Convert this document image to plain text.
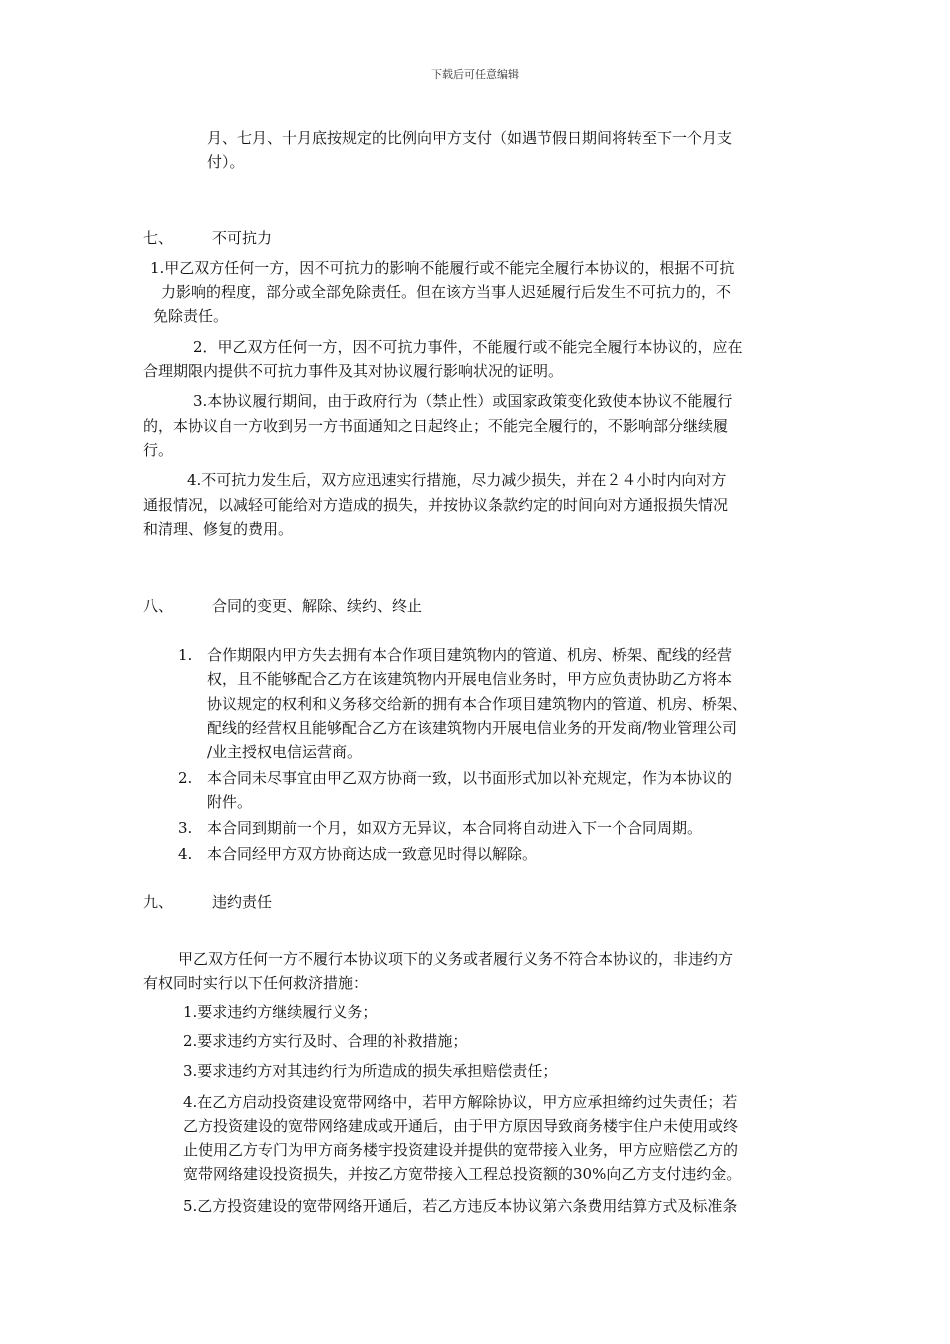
下载后可任意编辑
月、七月、十月底按规定的比例向甲方支付（如遇节假日期间将转至下一个月支
付）。
七、	不可抗力
1.甲乙双方任何一方，因不可抗力的影响不能履行或不能完全履行本协议的，根据不可抗
力影响的程度，部分或全部免除责任。但在该方当事人迟延履行后发生不可抗力的，不
免除责任。
2．甲乙双方任何一方，因不可抗力事件，不能履行或不能完全履行本协议的，应在
合理期限内提供不可抗力事件及其对协议履行影响状况的证明。
3.本协议履行期间，由于政府行为（禁止性）或国家政策变化致使本协议不能履行
的，本协议自一方收到另一方书面通知之日起终止；不能完全履行的，不影响部分继续履
行。
4.不可抗力发生后，双方应迅速实行措施，尽力减少损失，并在２４小时内向对方
通报情况，以减轻可能给对方造成的损失，并按协议条款约定的时间向对方通报损失情况
和清理、修复的费用。
八、	合同的变更、解除、续约、终止
1. 合作期限内甲方失去拥有本合作项目建筑物内的管道、机房、桥架、配线的经营
权，且不能够配合乙方在该建筑物内开展电信业务时，甲方应负责协助乙方将本
协议规定的权利和义务移交给新的拥有本合作项目建筑物内的管道、机房、桥架、
配线的经营权且能够配合乙方在该建筑物内开展电信业务的开发商/物业管理公司
/业主授权电信运营商。
2. 本合同未尽事宜由甲乙双方协商一致，以书面形式加以补充规定，作为本协议的
附件。
3. 本合同到期前一个月，如双方无异议，本合同将自动进入下一个合同周期。
4. 本合同经甲方双方协商达成一致意见时得以解除。
九、	违约责任
甲乙双方任何一方不履行本协议项下的义务或者履行义务不符合本协议的，非违约方
有权同时实行以下任何救济措施：
1.要求违约方继续履行义务；
2.要求违约方实行及时、合理的补救措施；
3.要求违约方对其违约行为所造成的损失承担赔偿责任；
4.在乙方启动投资建设宽带网络中，若甲方解除协议，甲方应承担缔约过失责任；若
乙方投资建设的宽带网络建成或开通后，由于甲方原因导致商务楼宇住户未使用或终
止使用乙方专门为甲方商务楼宇投资建设并提供的宽带接入业务，甲方应赔偿乙方的
宽带网络建设投资损失，并按乙方宽带接入工程总投资额的30%向乙方支付违约金。
5.乙方投资建设的宽带网络开通后，若乙方违反本协议第六条费用结算方式及标准条
